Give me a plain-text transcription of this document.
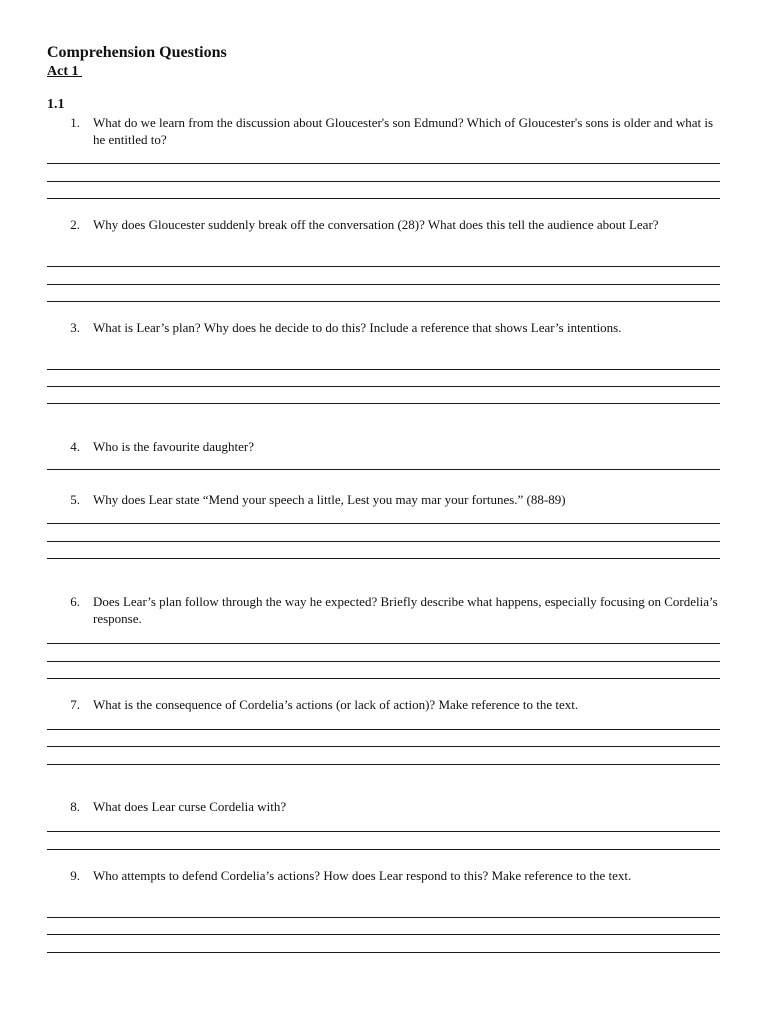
Comprehension Questions
Act 1
1.1
1. What do we learn from the discussion about Gloucester's son Edmund? Which of Gloucester's sons is older and what is he entitled to?
2. Why does Gloucester suddenly break off the conversation (28)? What does this tell the audience about Lear?
3. What is Lear’s plan? Why does he decide to do this? Include a reference that shows Lear’s intentions.
4. Who is the favourite daughter?
5. Why does Lear state “Mend your speech a little, Lest you may mar your fortunes.” (88-89)
6. Does Lear’s plan follow through the way he expected? Briefly describe what happens, especially focusing on Cordelia’s response.
7. What is the consequence of Cordelia’s actions (or lack of action)? Make reference to the text.
8. What does Lear curse Cordelia with?
9. Who attempts to defend Cordelia’s actions? How does Lear respond to this? Make reference to the text.
